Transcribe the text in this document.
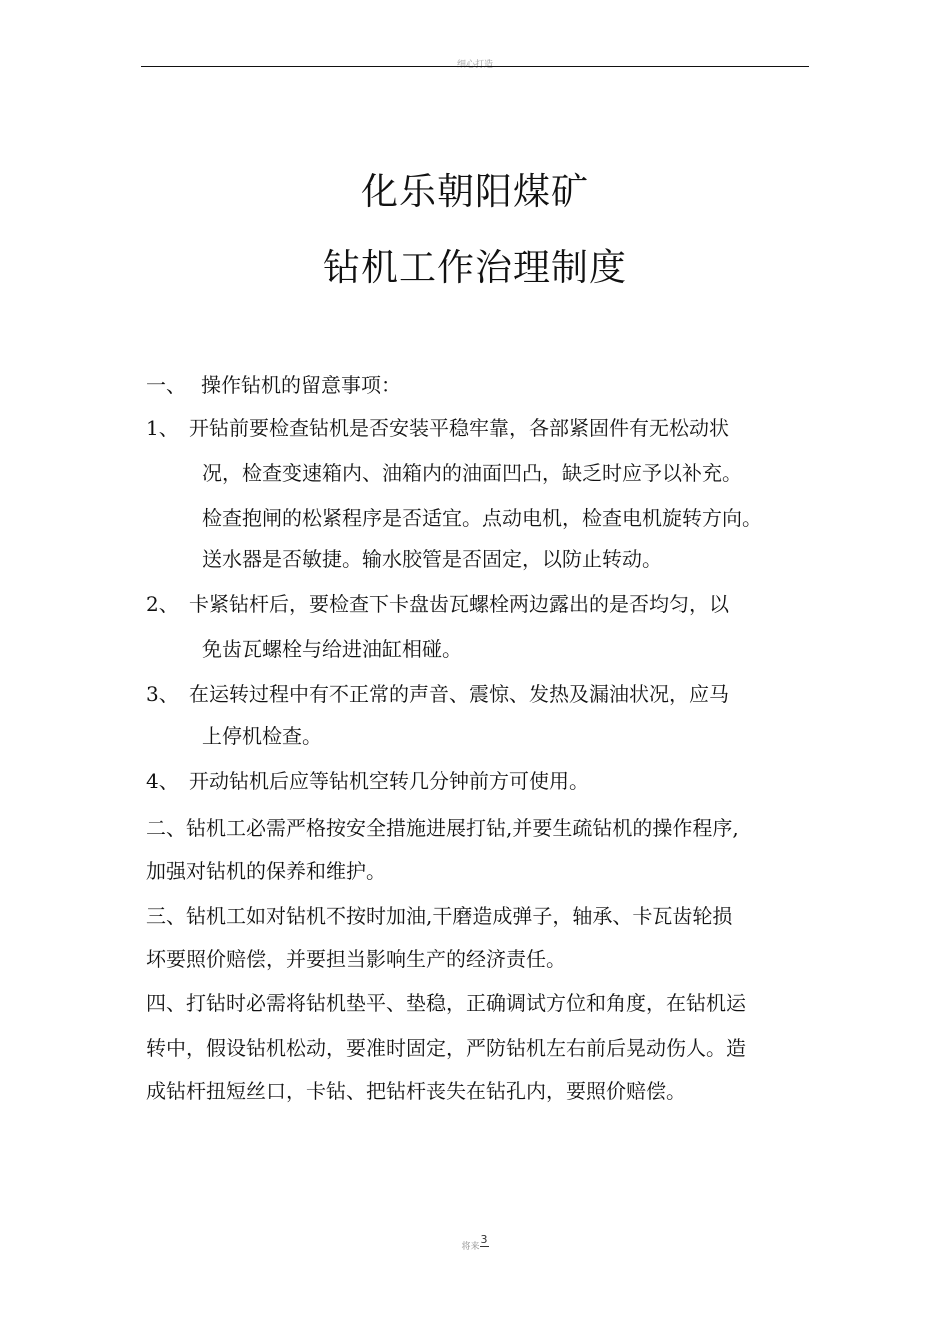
细心打造
化乐朝阳煤矿
钻机工作治理制度
一、 操作钻机的留意事项：
1、 开钻前要检查钻机是否安装平稳牢靠，各部紧固件有无松动状
况，检查变速箱内、油箱内的油面凹凸，缺乏时应予以补充。
检查抱闸的松紧程序是否适宜。点动电机，检查电机旋转方向。
送水器是否敏捷。输水胶管是否固定，以防止转动。
2、 卡紧钻杆后，要检查下卡盘齿瓦螺栓两边露出的是否均匀，以
免齿瓦螺栓与给进油缸相碰。
3、 在运转过程中有不正常的声音、震惊、发热及漏油状况，应马
上停机检查。
4、 开动钻机后应等钻机空转几分钟前方可使用。
二、钻机工必需严格按安全措施进展打钻,并要生疏钻机的操作程序,
加强对钻机的保养和维护。
三、钻机工如对钻机不按时加油,干磨造成弹子，轴承、卡瓦齿轮损
坏要照价赔偿，并要担当影响生产的经济责任。
四、打钻时必需将钻机垫平、垫稳，正确调试方位和角度，在钻机运
转中，假设钻机松动，要准时固定，严防钻机左右前后晃动伤人。造
成钻杆扭短丝口，卡钻、把钻杆丧失在钻孔内，要照价赔偿。
将来$^3$
